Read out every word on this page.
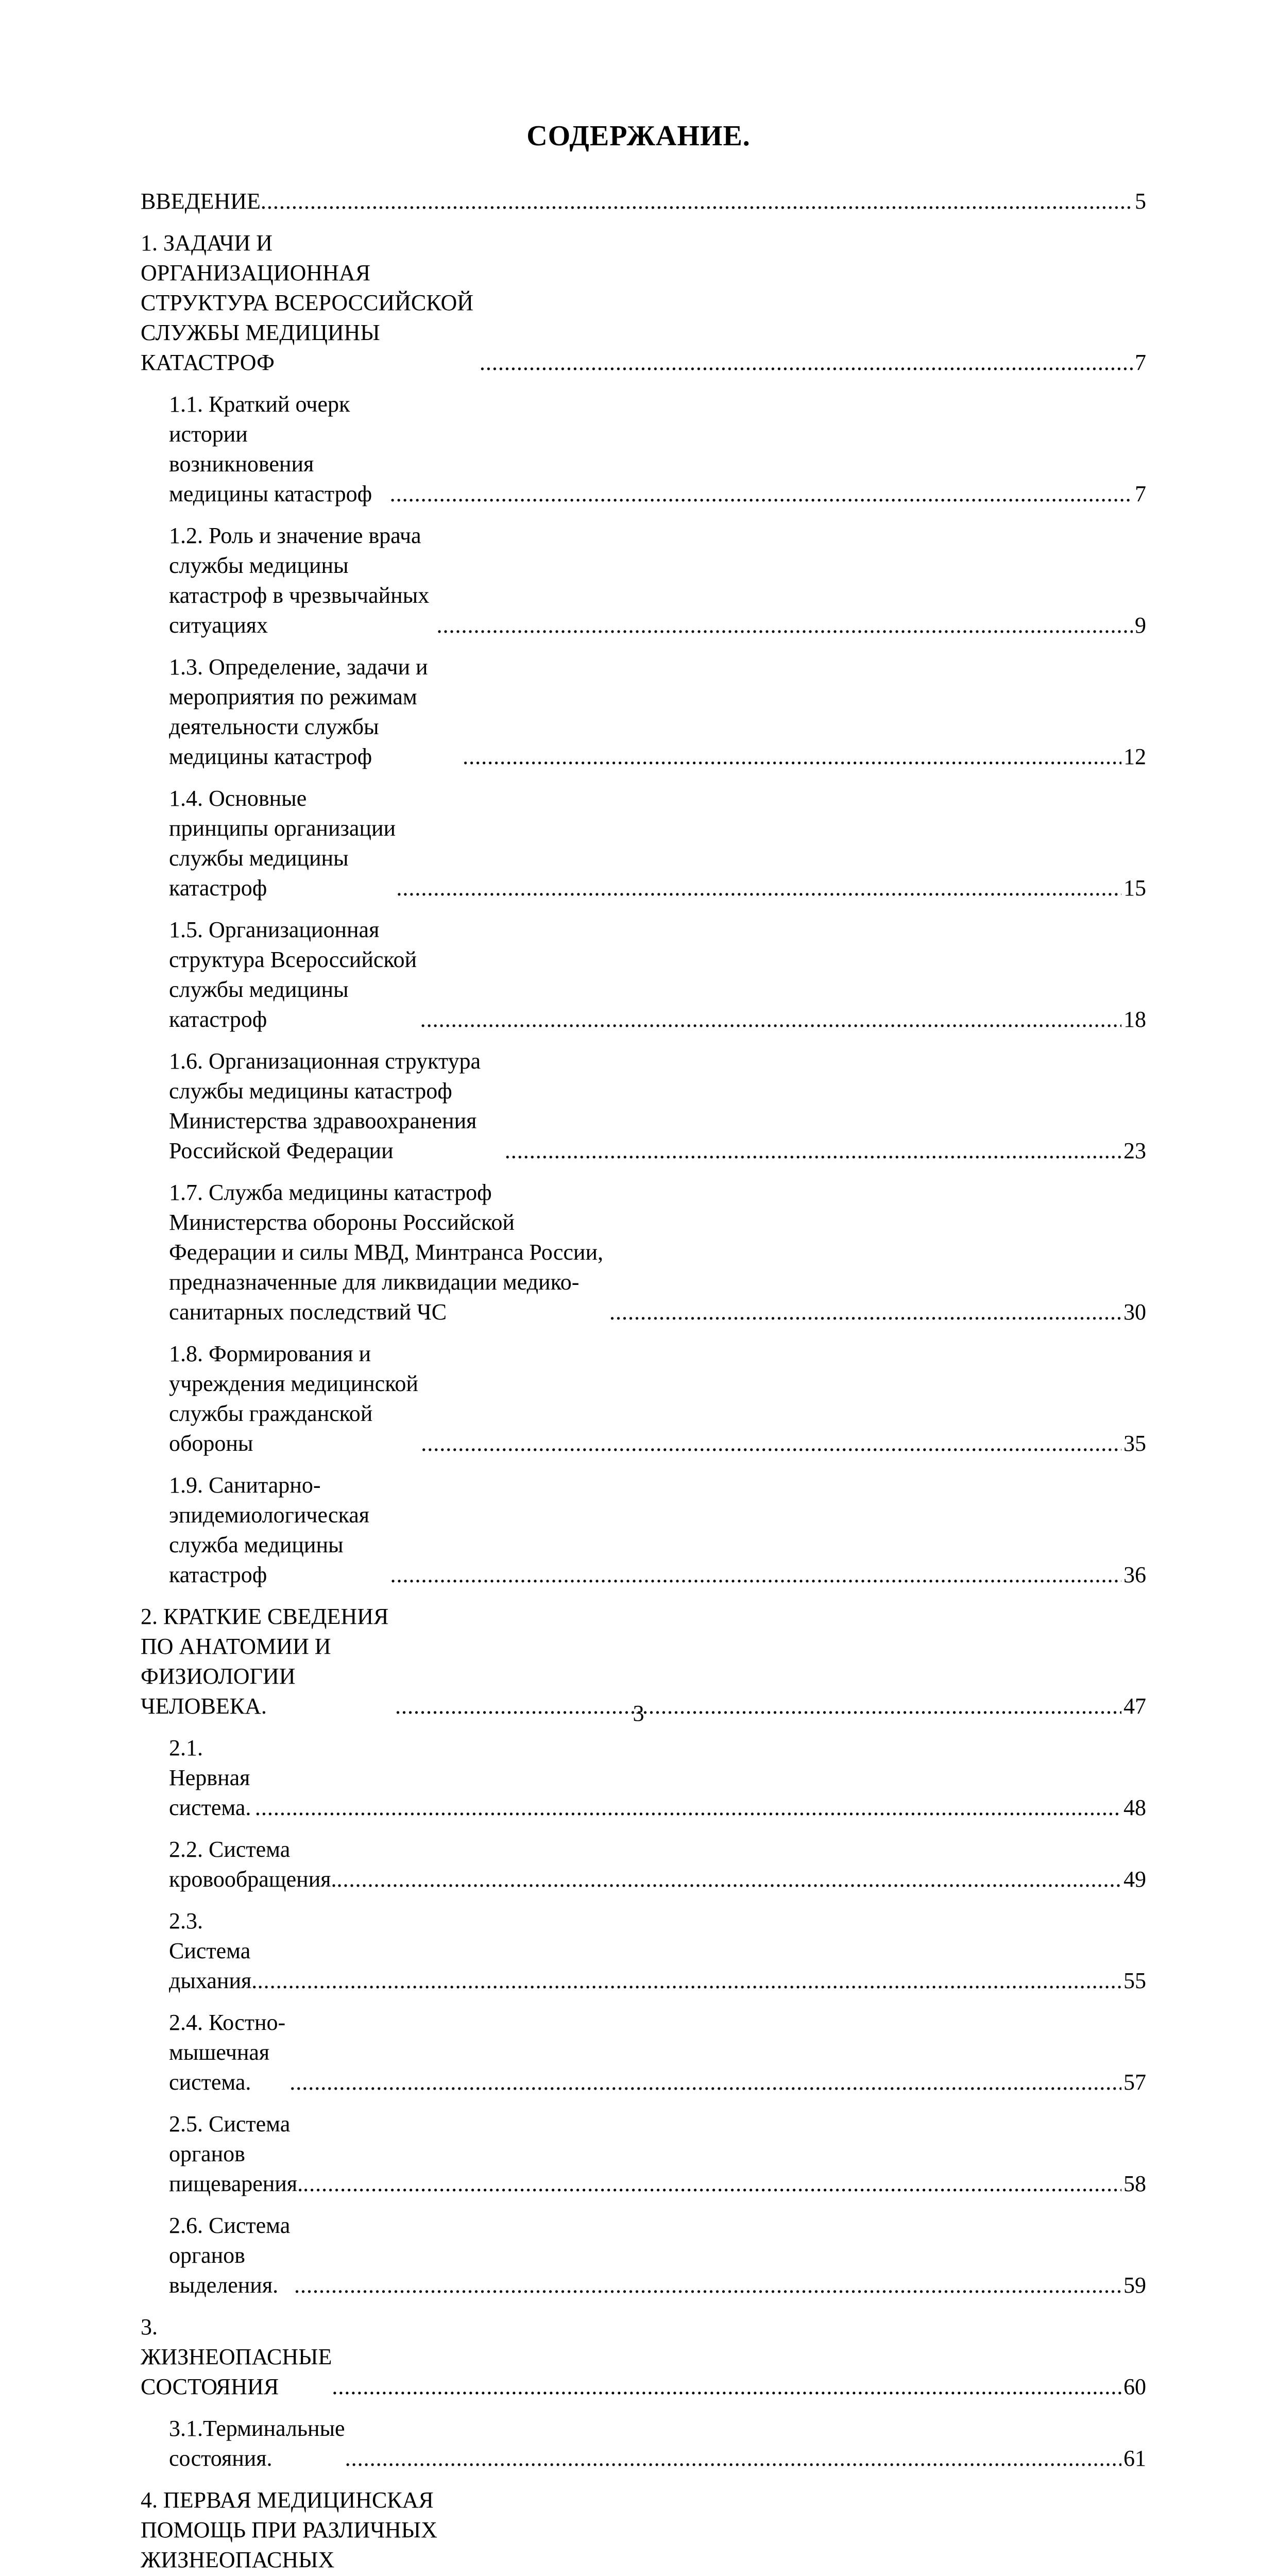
СОДЕРЖАНИЕ.
ВВЕДЕНИЕ .....	5
1. ЗАДАЧИ И ОРГАНИЗАЦИОННАЯ СТРУКТУРА ВСЕРОССИЙСКОЙ СЛУЖБЫ МЕДИЦИНЫ КАТАСТРОФ .....	7
1.1. Краткий очерк истории возникновения медицины катастроф .....	7
1.2. Роль и значение врача службы медицины катастроф в чрезвычайных ситуациях .....	9
1.3. Определение, задачи и мероприятия по режимам деятельности службы медицины катастроф .....	12
1.4. Основные принципы организации службы медицины катастроф .....	15
1.5. Организационная структура Всероссийской службы медицины катастроф .....	18
1.6. Организационная структура службы медицины катастроф Министерства здравоохранения Российской Федерации .....	23
1.7. Служба медицины катастроф Министерства обороны Российской Федерации и силы МВД, Минтранса России, предназначенные для ликвидации медико-санитарных последствий ЧС .....	30
1.8. Формирования и учреждения медицинской службы гражданской обороны .....	35
1.9. Санитарно-эпидемиологическая служба медицины катастроф .....	36
2. КРАТКИЕ СВЕДЕНИЯ ПО АНАТОМИИ И ФИЗИОЛОГИИ ЧЕЛОВЕКА. .....	47
2.1. Нервная система. .....	48
2.2. Система кровообращения. .....	49
2.3. Система дыхания. .....	55
2.4. Костно-мышечная система. .....	57
2.5. Система органов пищеварения. .....	58
2.6. Система органов выделения. .....	59
3. ЖИЗНЕОПАСНЫЕ СОСТОЯНИЯ .....	60
3.1.Терминальные состояния. .....	61
4. ПЕРВАЯ МЕДИЦИНСКАЯ ПОМОЩЬ ПРИ РАЗЛИЧНЫХ ЖИЗНЕОПАСНЫХ
.....
3
